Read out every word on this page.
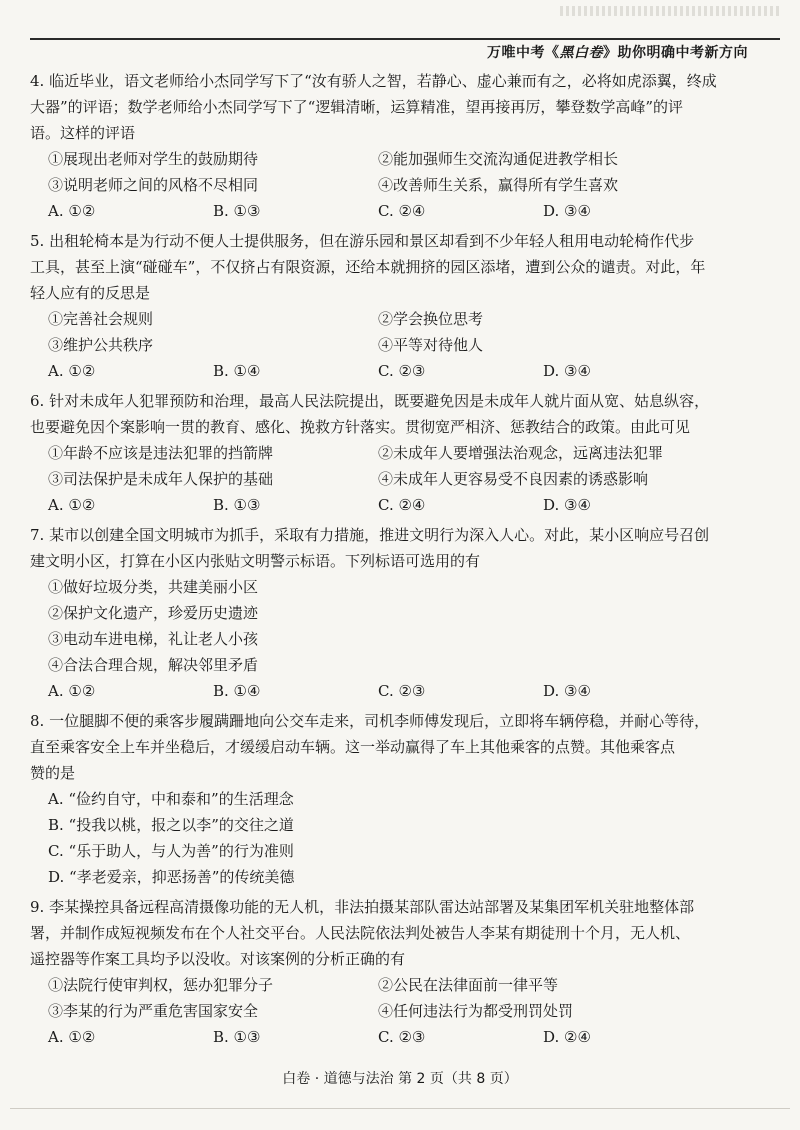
万唯中考《黑白卷》助你明确中考新方向
4. 临近毕业，语文老师给小杰同学写下了“汝有骄人之智，若静心、虚心兼而有之，必将如虎添翼，终成
大器”的评语；数学老师给小杰同学写下了“逻辑清晰，运算精准，望再接再厉，攀登数学高峰”的评
语。这样的评语
①展现出老师对学生的鼓励期待	②能加强师生交流沟通促进教学相长
③说明老师之间的风格不尽相同	④改善师生关系，赢得所有学生喜欢
A. ①②	B. ①③	C. ②④	D. ③④
5. 出租轮椅本是为行动不便人士提供服务，但在游乐园和景区却看到不少年轻人租用电动轮椅作代步
工具，甚至上演“碰碰车”，不仅挤占有限资源，还给本就拥挤的园区添堵，遭到公众的谴责。对此，年
轻人应有的反思是
①完善社会规则	②学会换位思考
③维护公共秩序	④平等对待他人
A. ①②	B. ①④	C. ②③	D. ③④
6. 针对未成年人犯罪预防和治理，最高人民法院提出，既要避免因是未成年人就片面从宽、姑息纵容，
也要避免因个案影响一贯的教育、感化、挽救方针落实。贯彻宽严相济、惩教结合的政策。由此可见
①年龄不应该是违法犯罪的挡箭牌	②未成年人要增强法治观念，远离违法犯罪
③司法保护是未成年人保护的基础	④未成年人更容易受不良因素的诱惑影响
A. ①②	B. ①③	C. ②④	D. ③④
7. 某市以创建全国文明城市为抓手，采取有力措施，推进文明行为深入人心。对此，某小区响应号召创
建文明小区，打算在小区内张贴文明警示标语。下列标语可选用的有
①做好垃圾分类，共建美丽小区
②保护文化遗产，珍爱历史遗迹
③电动车进电梯，礼让老人小孩
④合法合理合规，解决邻里矛盾
A. ①②	B. ①④	C. ②③	D. ③④
8. 一位腿脚不便的乘客步履蹒跚地向公交车走来，司机李师傅发现后，立即将车辆停稳，并耐心等待，
直至乘客安全上车并坐稳后，才缓缓启动车辆。这一举动赢得了车上其他乘客的点赞。其他乘客点
赞的是
A. “俭约自守，中和泰和”的生活理念
B. “投我以桃，报之以李”的交往之道
C. “乐于助人，与人为善”的行为准则
D. “孝老爱亲，抑恶扬善”的传统美德
9. 李某操控具备远程高清摄像功能的无人机，非法拍摄某部队雷达站部署及某集团军机关驻地整体部
署，并制作成短视频发布在个人社交平台。人民法院依法判处被告人李某有期徒刑十个月，无人机、
遥控器等作案工具均予以没收。对该案例的分析正确的有
①法院行使审判权，惩办犯罪分子	②公民在法律面前一律平等
③李某的行为严重危害国家安全	④任何违法行为都受刑罚处罚
A. ①②	B. ①③	C. ②③	D. ②④
白卷 · 道德与法治 第 2 页（共 8 页）
